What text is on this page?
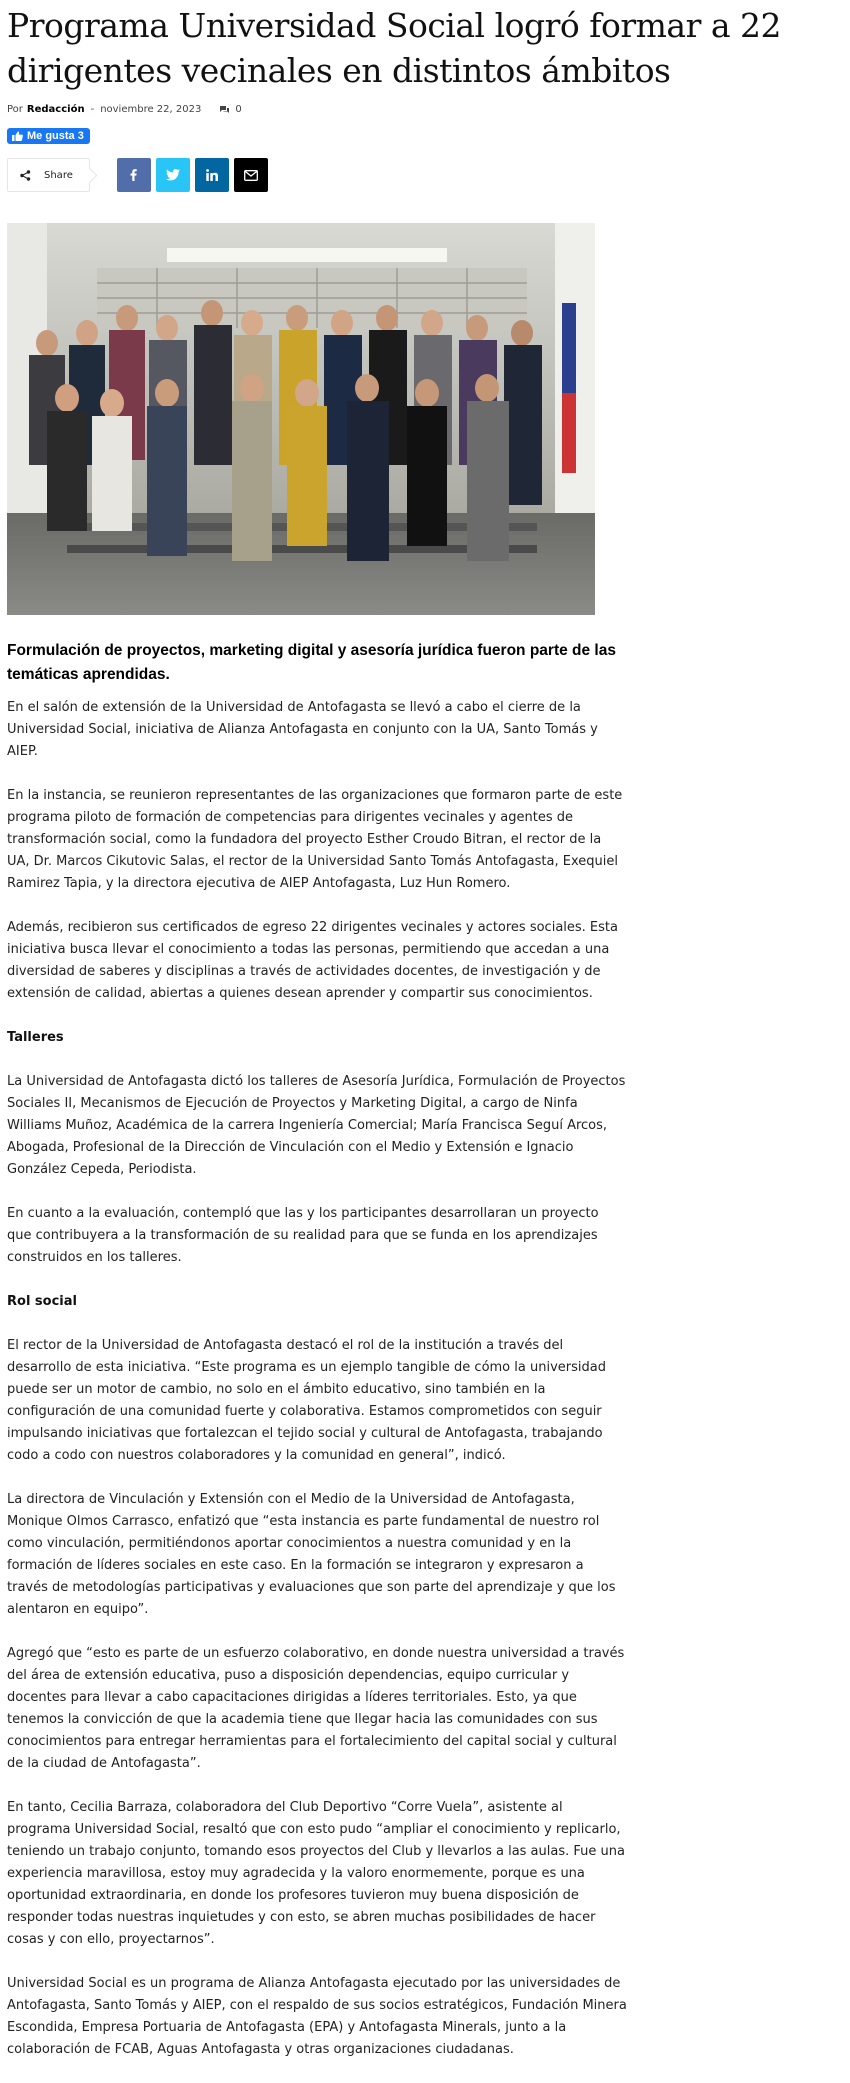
Programa Universidad Social logró formar a 22 dirigentes vecinales en distintos ámbitos
Por Redacción - noviembre 22, 2023	0
Me gusta 3
Share
Formulación de proyectos, marketing digital y asesoría jurídica fueron parte de las temáticas aprendidas.

En el salón de extensión de la Universidad de Antofagasta se llevó a cabo el cierre de la Universidad Social, iniciativa de Alianza Antofagasta en conjunto con la UA, Santo Tomás y AIEP.

En la instancia, se reunieron representantes de las organizaciones que formaron parte de este programa piloto de formación de competencias para dirigentes vecinales y agentes de transformación social, como la fundadora del proyecto Esther Croudo Bitran, el rector de la UA, Dr. Marcos Cikutovic Salas, el rector de la Universidad Santo Tomás Antofagasta, Exequiel Ramirez Tapia, y la directora ejecutiva de AIEP Antofagasta, Luz Hun Romero.

Además, recibieron sus certificados de egreso 22 dirigentes vecinales y actores sociales. Esta iniciativa busca llevar el conocimiento a todas las personas, permitiendo que accedan a una diversidad de saberes y disciplinas a través de actividades docentes, de investigación y de extensión de calidad, abiertas a quienes desean aprender y compartir sus conocimientos.

Talleres

La Universidad de Antofagasta dictó los talleres de Asesoría Jurídica, Formulación de Proyectos Sociales II, Mecanismos de Ejecución de Proyectos y Marketing Digital, a cargo de Ninfa Williams Muñoz, Académica de la carrera Ingeniería Comercial; María Francisca Seguí Arcos, Abogada, Profesional de la Dirección de Vinculación con el Medio y Extensión e Ignacio González Cepeda, Periodista.

En cuanto a la evaluación, contempló que las y los participantes desarrollaran un proyecto que contribuyera a la transformación de su realidad para que se funda en los aprendizajes construidos en los talleres.

Rol social

El rector de la Universidad de Antofagasta destacó el rol de la institución a través del desarrollo de esta iniciativa. “Este programa es un ejemplo tangible de cómo la universidad puede ser un motor de cambio, no solo en el ámbito educativo, sino también en la configuración de una comunidad fuerte y colaborativa. Estamos comprometidos con seguir impulsando iniciativas que fortalezcan el tejido social y cultural de Antofagasta, trabajando codo a codo con nuestros colaboradores y la comunidad en general”, indicó.

La directora de Vinculación y Extensión con el Medio de la Universidad de Antofagasta, Monique Olmos Carrasco, enfatizó que “esta instancia es parte fundamental de nuestro rol como vinculación, permitiéndonos aportar conocimientos a nuestra comunidad y en la formación de líderes sociales en este caso. En la formación se integraron y expresaron a través de metodologías participativas y evaluaciones que son parte del aprendizaje y que los alentaron en equipo”.

Agregó que “esto es parte de un esfuerzo colaborativo, en donde nuestra universidad a través del área de extensión educativa, puso a disposición dependencias, equipo curricular y docentes para llevar a cabo capacitaciones dirigidas a líderes territoriales. Esto, ya que tenemos la convicción de que la academia tiene que llegar hacia las comunidades con sus conocimientos para entregar herramientas para el fortalecimiento del capital social y cultural de la ciudad de Antofagasta”.

En tanto, Cecilia Barraza, colaboradora del Club Deportivo “Corre Vuela”, asistente al programa Universidad Social, resaltó que con esto pudo “ampliar el conocimiento y replicarlo, teniendo un trabajo conjunto, tomando esos proyectos del Club y llevarlos a las aulas. Fue una experiencia maravillosa, estoy muy agradecida y la valoro enormemente, porque es una oportunidad extraordinaria, en donde los profesores tuvieron muy buena disposición de responder todas nuestras inquietudes y con esto, se abren muchas posibilidades de hacer cosas y con ello, proyectarnos”.

Universidad Social es un programa de Alianza Antofagasta ejecutado por las universidades de Antofagasta, Santo Tomás y AIEP, con el respaldo de sus socios estratégicos, Fundación Minera Escondida, Empresa Portuaria de Antofagasta (EPA) y Antofagasta Minerals, junto a la colaboración de FCAB, Aguas Antofagasta y otras organizaciones ciudadanas.
